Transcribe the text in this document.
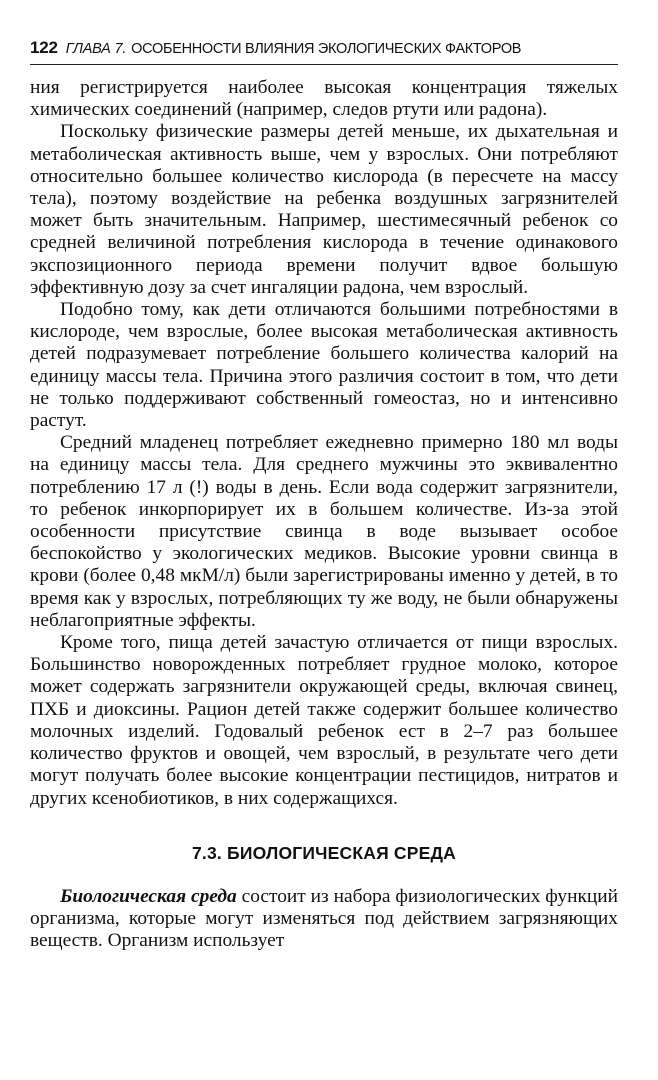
122 ГЛАВА 7. ОСОБЕННОСТИ ВЛИЯНИЯ ЭКОЛОГИЧЕСКИХ ФАКТОРОВ

ния регистрируется наиболее высокая концентрация тяжелых химических соединений (например, следов ртути или радона).

Поскольку физические размеры детей меньше, их дыхательная и метаболическая активность выше, чем у взрослых. Они потребляют относительно большее количество кислорода (в пересчете на массу тела), поэтому воздействие на ребенка воздушных загрязнителей может быть значительным. Например, шестимесячный ребенок со средней величиной потребления кислорода в течение одинакового экспозиционного периода времени получит вдвое большую эффективную дозу за счет ингаляции радона, чем взрослый.

Подобно тому, как дети отличаются большими потребностями в кислороде, чем взрослые, более высокая метаболическая активность детей подразумевает потребление большего количества калорий на единицу массы тела. Причина этого различия состоит в том, что дети не только поддерживают собственный гомеостаз, но и интенсивно растут.

Средний младенец потребляет ежедневно примерно 180 мл воды на единицу массы тела. Для среднего мужчины это эквивалентно потреблению 17 л (!) воды в день. Если вода содержит загрязнители, то ребенок инкорпорирует их в большем количестве. Из-за этой особенности присутствие свинца в воде вызывает особое беспокойство у экологических медиков. Высокие уровни свинца в крови (более 0,48 мкМ/л) были зарегистрированы именно у детей, в то время как у взрослых, потребляющих ту же воду, не были обнаружены неблагоприятные эффекты.

Кроме того, пища детей зачастую отличается от пищи взрослых. Большинство новорожденных потребляет грудное молоко, которое может содержать загрязнители окружающей среды, включая свинец, ПХБ и диоксины. Рацион детей также содержит большее количество молочных изделий. Годовалый ребенок ест в 2–7 раз большее количество фруктов и овощей, чем взрослый, в результате чего дети могут получать более высокие концентрации пестицидов, нитратов и других ксенобиотиков, в них содержащихся.

7.3. БИОЛОГИЧЕСКАЯ СРЕДА

Биологическая среда состоит из набора физиологических функций организма, которые могут изменяться под действием загрязняющих веществ. Организм использует
